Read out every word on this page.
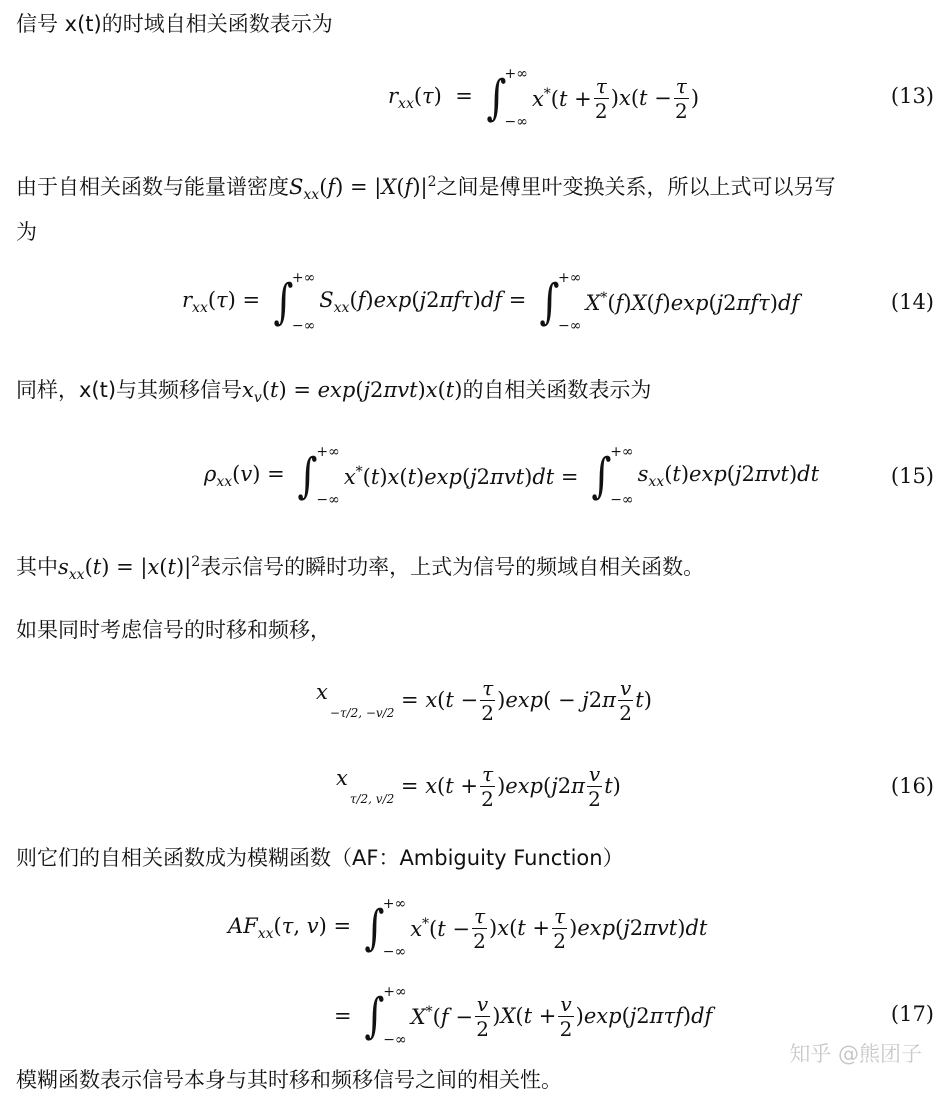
信号 x(t)的时域自相关函数表示为
$r_{xx}(\tau)$  = ∫
+∞
−∞
$x^*(t + \frac{\tau}{2} )x(t - \frac{\tau}{2}$ )	(13)
由于自相关函数与能量谱密度$S_{xx}(f) = |X(f)|^2$之间是傅里叶变换关系，所以上式可以另写
为
$r_{xx}(\tau)$ = ∫
+∞
−∞
$S_{xx}(f)\exp(j2\pi f\tau)df$ = ∫
+∞
−∞
X*(f)X(f)exp(j2πfτ)df	(14)
同样，x(t)与其频移信号$x_v(t) = \exp(j2\pi vt)x(t)$的自相关函数表示为
$\rho_{xx}(v)$ = ∫
+∞
−∞
x*(t)x(t)exp(j2πvt)dt = ∫
+∞
−∞
$s_{xx}(t)\exp(j2\pi vt)dt$	(15)
其中$s_{xx}(t) = |x(t)|^2$表示信号的瞬时功率，上式为信号的频域自相关函数。
如果同时考虑信号的时移和频移，
x
−τ/2, −v/2
= $x(t - \frac{\tau}{2} )\exp( - j2\pi \frac{v}{2} t)$
x
τ/2, v/2
= $x(t + \frac{\tau}{2} )\exp(j2\pi \frac{v}{2} t)$	(16)
则它们的自相关函数成为模糊函数（AF：Ambiguity Function）
$AF_{xx}(\tau$, v) = ∫
+∞
−∞
$x^*(t - \frac{\tau}{2} )x(t + \frac{\tau}{2} )\exp(j2\pi vt)dt$
= ∫
+∞
−∞
$X^*(f - \frac{v}{2} )X(t + \frac{v}{2} )\exp(j2\pi\tau f)df$	(17)
知乎 @熊团子
模糊函数表示信号本身与其时移和频移信号之间的相关性。
